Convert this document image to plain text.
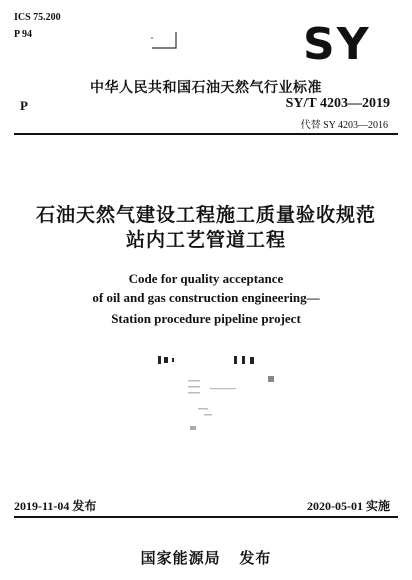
ICS 75.200
P 94	SY
中华人民共和国石油天然气行业标准
P	SY/T 4203—2019
代替 SY 4203—2016
石油天然气建设工程施工质量验收规范
站内工艺管道工程
Code for quality acceptance
of oil and gas construction engineering—
Station procedure pipeline project
2019-11-04 发布	2020-05-01 实施
国家能源局   发布
